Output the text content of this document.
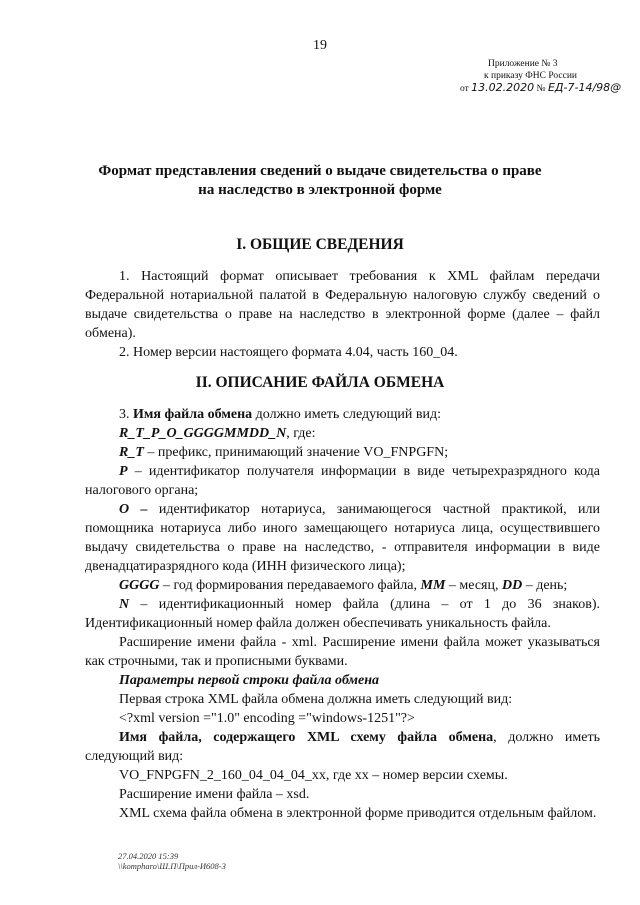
19
Приложение № 3
к приказу ФНС России
от 13.02.2020 № ЕД-7-14/98@
Формат представления сведений о выдаче свидетельства о праве
на наследство в электронной форме
I. ОБЩИЕ СВЕДЕНИЯ

1. Настоящий формат описывает требования к XML файлам передачи Федеральной нотариальной палатой в Федеральную налоговую службу сведений о выдаче свидетельства о праве на наследство в электронной форме (далее – файл обмена).

2. Номер версии настоящего формата 4.04, часть 160_04.

II. ОПИСАНИЕ ФАЙЛА ОБМЕНА

3. Имя файла обмена должно иметь следующий вид:

R_T_P_O_GGGGMMDD_N, где:

R_T – префикс, принимающий значение VO_FNPGFN;

P – идентификатор получателя информации в виде четырехразрядного кода налогового органа;

O – идентификатор нотариуса, занимающегося частной практикой, или помощника нотариуса либо иного замещающего нотариуса лица, осуществившего выдачу свидетельства о праве на наследство, - отправителя информации в виде двенадцатиразрядного кода (ИНН физического лица);

GGGG – год формирования передаваемого файла, MM – месяц, DD – день;

N – идентификационный номер файла (длина – от 1 до 36 знаков). Идентификационный номер файла должен обеспечивать уникальность файла.

Расширение имени файла - xml. Расширение имени файла может указываться как строчными, так и прописными буквами.

Параметры первой строки файла обмена

Первая строка XML файла обмена должна иметь следующий вид:

<?xml version ="1.0" encoding ="windows-1251"?>

Имя файла, содержащего XML схему файла обмена, должно иметь следующий вид:

VO_FNPGFN_2_160_04_04_04_xx, где xx – номер версии схемы.

Расширение имени файла – xsd.

XML схема файла обмена в электронной форме приводится отдельным файлом.

27.04.2020 15:39
\\kompharo\Ш.П\Прил-И608-3
